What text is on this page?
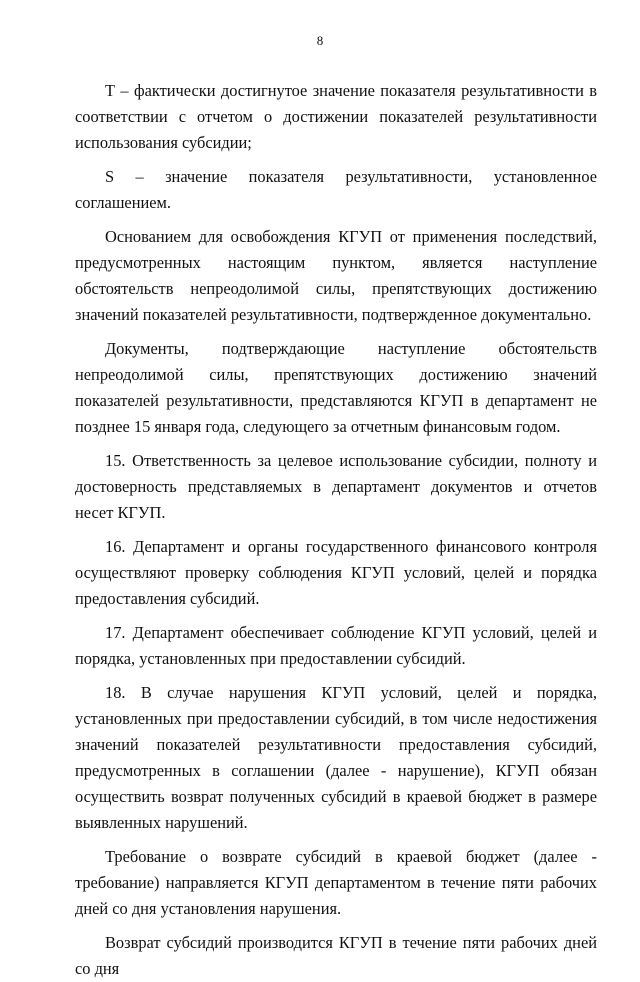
8

Т – фактически достигнутое значение показателя результативности в соответствии с отчетом о достижении показателей результативности использования субсидии;

S – значение показателя результативности, установленное соглашением.

Основанием для освобождения КГУП от применения последствий, предусмотренных настоящим пунктом, является наступление обстоятельств непреодолимой силы, препятствующих достижению значений показателей результативности, подтвержденное документально.

Документы, подтверждающие наступление обстоятельств непреодолимой силы, препятствующих достижению значений показателей результативности, представляются КГУП в департамент не позднее 15 января года, следующего за отчетным финансовым годом.

15. Ответственность за целевое использование субсидии, полноту и достоверность представляемых в департамент документов и отчетов несет КГУП.

16. Департамент и органы государственного финансового контроля осуществляют проверку соблюдения КГУП условий, целей и порядка предоставления субсидий.

17. Департамент обеспечивает соблюдение КГУП условий, целей и порядка, установленных при предоставлении субсидий.

18. В случае нарушения КГУП условий, целей и порядка, установленных при предоставлении субсидий, в том числе недостижения значений показателей результативности предоставления субсидий, предусмотренных в соглашении (далее - нарушение), КГУП обязан осуществить возврат полученных субсидий в краевой бюджет в размере выявленных нарушений.

Требование о возврате субсидий в краевой бюджет (далее - требование) направляется КГУП департаментом в течение пяти рабочих дней со дня установления нарушения.

Возврат субсидий производится КГУП в течение пяти рабочих дней со дня
